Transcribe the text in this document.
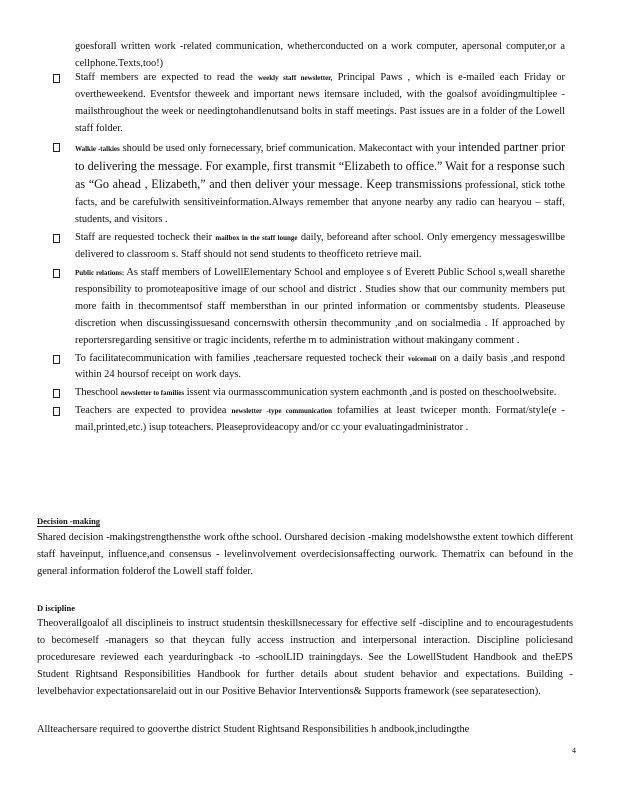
goesforall written work -related communication, whetherconducted on a work computer, apersonal computer,or a cellphone.Texts,too!)
Staff members are expected to read the weekly staff newsletter, Principal Paws , which is e-mailed each Friday or overtheweekend. Eventsfor theweek and important news itemsare included, with the goalsof avoidingmultiplee -mailsthroughout the week or needingtohandlenutsand bolts in staff meetings. Past issues are in a folder of the Lowell staff folder.
Walkie -talkies should be used only fornecessary, brief communication. Makecontact with your intended partner prior to delivering the message. For example, first transmit “Elizabeth to office.” Wait for a response such as “Go ahead , Elizabeth,” and then deliver your message. Keep transmissions professional, stick tothe facts, and be carefulwith sensitiveinformation.Always remember that anyone nearby any radio can hearyou – staff, students, and visitors .
Staff are requested tocheck their mailbox in the staff lounge daily, beforeand after school. Only emergency messageswillbe delivered to classroom s. Staff should not send students to theofficeto retrieve mail.
Public relations: As staff members of LowellElementary School and employee s of Everett Public School s,weall sharethe responsibility to promoteapositive image of our school and district . Studies show that our community members put more faith in thecommentsof staff membersthan in our printed information or commentsby students. Pleaseuse discretion when discussingissuesand concernswith othersin thecommunity ,and on socialmedia . If approached by reportersregarding sensitive or tragic incidents, referthe m to administration without makingany comment .
To facilitatecommunication with families ,teachersare requested tocheck their voicemail on a daily basis ,and respond within 24 hoursof receipt on work days.
Theschool newsletter to families issent via ourmasscommunication system eachmonth ,and is posted on theschoolwebsite.
Teachers are expected to providea newsletter -type communication tofamilies at least twiceper month. Format/style(e -mail,printed,etc.) isup toteachers. Pleaseprovideacopy and/or cc your evaluatingadministrator .
Decision -making
Shared decision -makingstrengthensthe work ofthe school. Ourshared decision -making modelshowsthe extent towhich different staff haveinput, influence,and consensus - levelinvolvement overdecisionsaffecting ourwork. Thematrix can befound in the general information folderof the Lowell staff folder.
D iscipline
Theoverallgoalof all disciplineis to instruct studentsin theskillsnecessary for effective self -discipline and to encouragestudents to becomeself -managers so that theycan fully access instruction and interpersonal interaction. Discipline policiesand proceduresare reviewed each yearduringback -to -schoolLID trainingdays. See the LowellStudent Handbook and theEPS Student Rightsand Responsibilities Handbook for further details about student behavior and expectations. Building -levelbehavior expectationsarelaid out in our Positive Behavior Interventions& Supports framework (see separatesection).
Allteachersare required to gooverthe district Student Rightsand Responsibilities h andbook,includingthe
4
